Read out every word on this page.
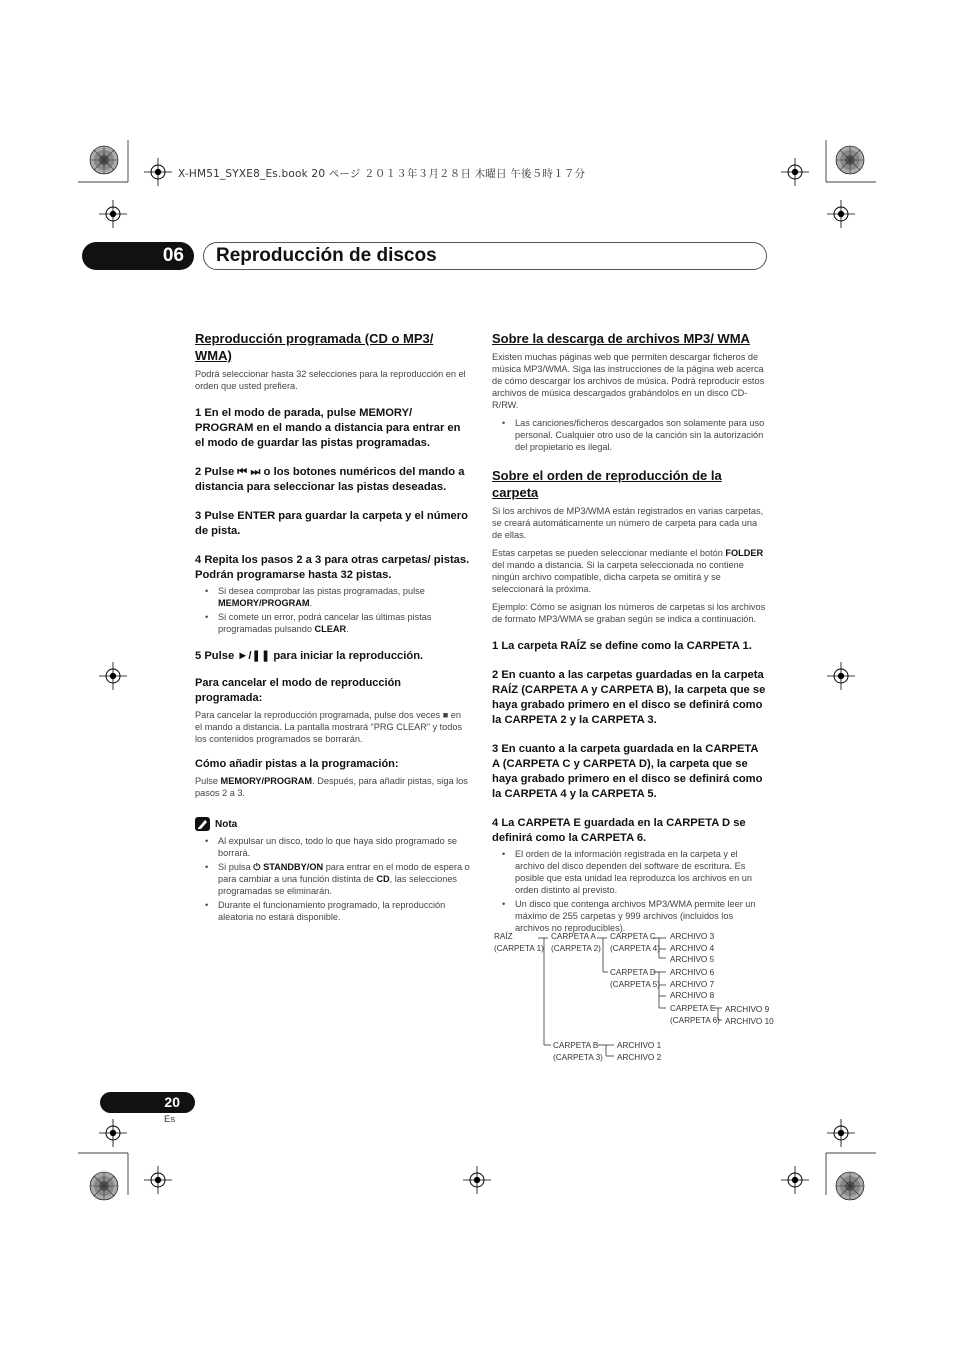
X-HM51_SYXE8_Es.book 20 ページ ２０１３年３月２８日 木曜日 午後５時１７分
06	Reproducción de discos
Reproducción programada (CD o MP3/ WMA)
Podrá seleccionar hasta 32 selecciones para la reproducción en el orden que usted prefiera.
1 En el modo de parada, pulse MEMORY/ PROGRAM en el mando a distancia para entrar en el modo de guardar las pistas programadas.
2 Pulse ⏮ ⏭ o los botones numéricos del mando a distancia para seleccionar las pistas deseadas.
3 Pulse ENTER para guardar la carpeta y el número de pista.
4 Repita los pasos 2 a 3 para otras carpetas/ pistas. Podrán programarse hasta 32 pistas.
• Si desea comprobar las pistas programadas, pulse MEMORY/PROGRAM.
• Si comete un error, podrá cancelar las últimas pistas programadas pulsando CLEAR.
5 Pulse ►/❚❚ para iniciar la reproducción.
Para cancelar el modo de reproducción programada:
Para cancelar la reproducción programada, pulse dos veces ■ en el mando a distancia. La pantalla mostrará “PRG CLEAR” y todos los contenidos programados se borrarán.
Cómo añadir pistas a la programación:
Pulse MEMORY/PROGRAM. Después, para añadir pistas, siga los pasos 2 a 3.
Nota
• Al expulsar un disco, todo lo que haya sido programado se borrará.
• Si pulsa ⏻ STANDBY/ON para entrar en el modo de espera o para cambiar a una función distinta de CD, las selecciones programadas se eliminarán.
• Durante el funcionamiento programado, la reproducción aleatoria no estará disponible.
Sobre la descarga de archivos MP3/ WMA
Existen muchas páginas web que permiten descargar ficheros de música MP3/WMA. Siga las instrucciones de la página web acerca de cómo descargar los archivos de música. Podrá reproducir estos archivos de música descargados grabándolos en un disco CD-R/RW.
• Las canciones/ficheros descargados son solamente para uso personal. Cualquier otro uso de la canción sin la autorización del propietario es ilegal.
Sobre el orden de reproducción de la carpeta
Si los archivos de MP3/WMA están registrados en varias carpetas, se creará automáticamente un número de carpeta para cada una de ellas.
Estas carpetas se pueden seleccionar mediante el botón FOLDER del mando a distancia. Si la carpeta seleccionada no contiene ningún archivo compatible, dicha carpeta se omitirá y se seleccionará la próxima.
Ejemplo: Cómo se asignan los números de carpetas si los archivos de formato MP3/WMA se graban según se indica a continuación.
1 La carpeta RAÍZ se define como la CARPETA 1.
2 En cuanto a las carpetas guardadas en la carpeta RAÍZ (CARPETA A y CARPETA B), la carpeta que se haya grabado primero en el disco se definirá como la CARPETA 2 y la CARPETA 3.
3 En cuanto a la carpeta guardada en la CARPETA A (CARPETA C y CARPETA D), la carpeta que se haya grabado primero en el disco se definirá como la CARPETA 4 y la CARPETA 5.
4 La CARPETA E guardada en la CARPETA D se definirá como la CARPETA 6.
• El orden de la información registrada en la carpeta y el archivo del disco dependen del software de escritura. Es posible que esta unidad lea reproduzca los archivos en un orden distinto al previsto.
• Un disco que contenga archivos MP3/WMA permite leer un máximo de 255 carpetas y 999 archivos (incluidos los archivos no reproducibles).
RAÍZ
(CARPETA 1)
CARPETA A
(CARPETA 2)
CARPETA C
(CARPETA 4)
ARCHIVO 3
ARCHIVO 4
ARCHIVO 5
CARPETA D
(CARPETA 5)
ARCHIVO 6
ARCHIVO 7
ARCHIVO 8
CARPETA E
(CARPETA 6)
ARCHIVO 9
ARCHIVO 10
CARPETA B
(CARPETA 3)
ARCHIVO 1
ARCHIVO 2
20
Es
